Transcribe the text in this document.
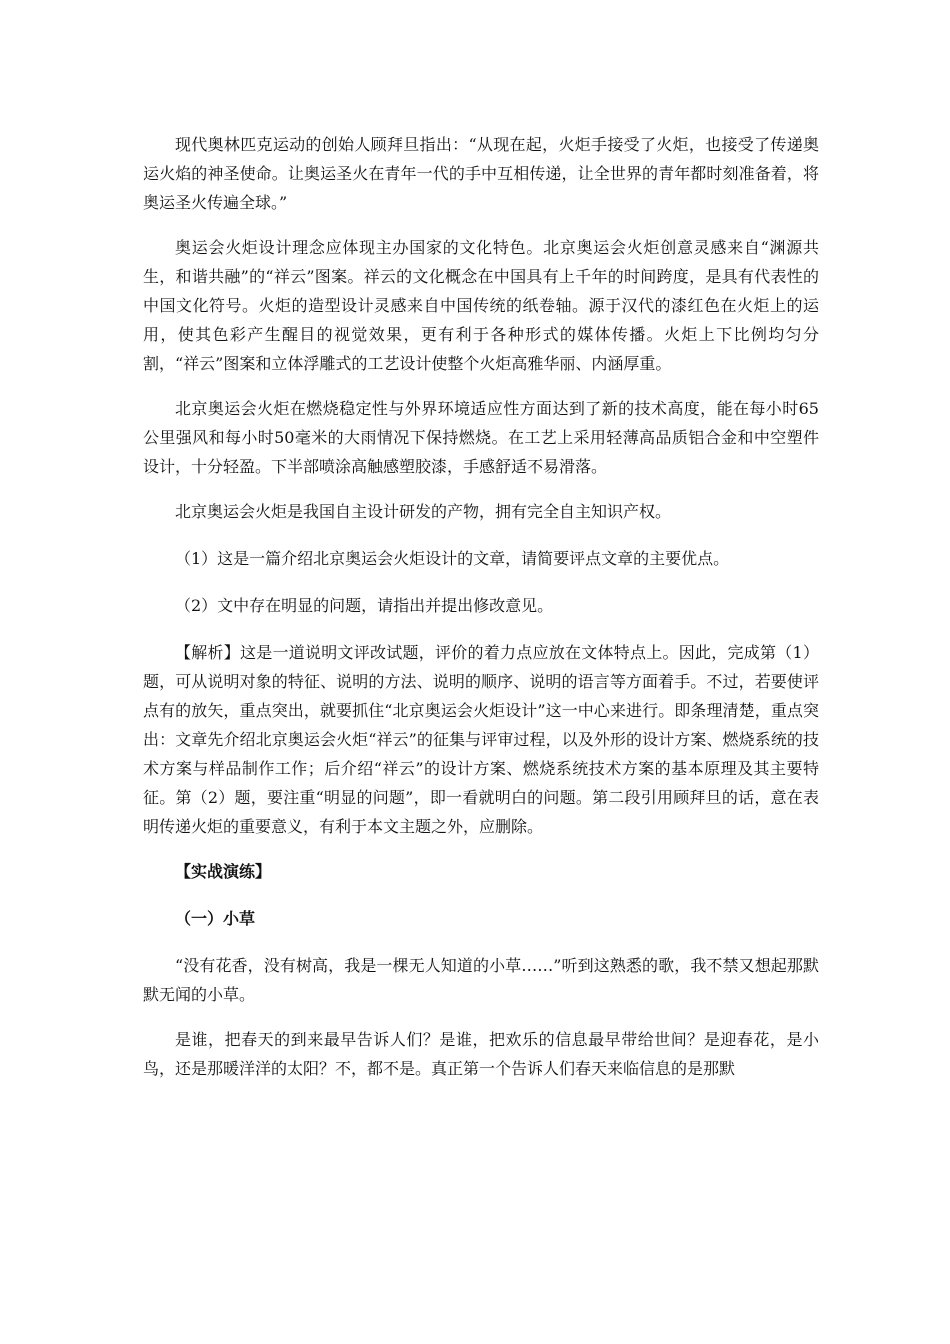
现代奥林匹克运动的创始人顾拜旦指出：“从现在起，火炬手接受了火炬，也接受了传递奥运火焰的神圣使命。让奥运圣火在青年一代的手中互相传递，让全世界的青年都时刻准备着，将奥运圣火传遍全球。”

奥运会火炬设计理念应体现主办国家的文化特色。北京奥运会火炬创意灵感来自“渊源共生，和谐共融”的“祥云”图案。祥云的文化概念在中国具有上千年的时间跨度，是具有代表性的中国文化符号。火炬的造型设计灵感来自中国传统的纸卷轴。源于汉代的漆红色在火炬上的运用，使其色彩产生醒目的视觉效果，更有利于各种形式的媒体传播。火炬上下比例均匀分割，“祥云”图案和立体浮雕式的工艺设计使整个火炬高雅华丽、内涵厚重。

北京奥运会火炬在燃烧稳定性与外界环境适应性方面达到了新的技术高度，能在每小时65公里强风和每小时50毫米的大雨情况下保持燃烧。在工艺上采用轻薄高品质铝合金和中空塑件设计，十分轻盈。下半部喷涂高触感塑胶漆，手感舒适不易滑落。

北京奥运会火炬是我国自主设计研发的产物，拥有完全自主知识产权。

（1）这是一篇介绍北京奥运会火炬设计的文章，请简要评点文章的主要优点。

（2）文中存在明显的问题，请指出并提出修改意见。

【解析】这是一道说明文评改试题，评价的着力点应放在文体特点上。因此，完成第（1）题，可从说明对象的特征、说明的方法、说明的顺序、说明的语言等方面着手。不过，若要使评点有的放矢，重点突出，就要抓住“北京奥运会火炬设计”这一中心来进行。即条理清楚，重点突出：文章先介绍北京奥运会火炬“祥云”的征集与评审过程，以及外形的设计方案、燃烧系统的技术方案与样品制作工作；后介绍“祥云”的设计方案、燃烧系统技术方案的基本原理及其主要特征。第（2）题，要注重“明显的问题”，即一看就明白的问题。第二段引用顾拜旦的话，意在表明传递火炬的重要意义，有利于本文主题之外，应删除。

【实战演练】
（一）小草

“没有花香，没有树高，我是一棵无人知道的小草……”听到这熟悉的歌，我不禁又想起那默默无闻的小草。

是谁，把春天的到来最早告诉人们？是谁，把欢乐的信息最早带给世间？是迎春花，是小鸟，还是那暖洋洋的太阳？不，都不是。真正第一个告诉人们春天来临信息的是那默
